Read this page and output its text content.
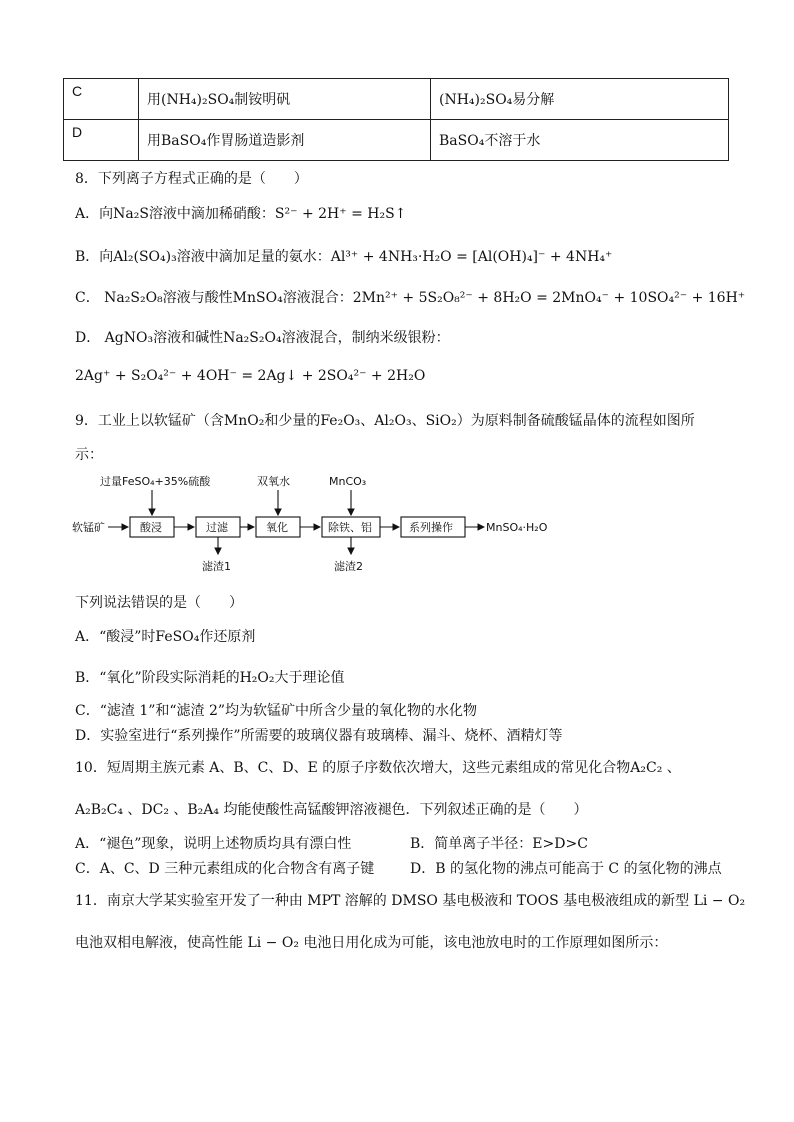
C	用(NH₄)₂SO₄制铵明矾	(NH₄)₂SO₄易分解
D	用BaSO₄作胃肠道造影剂	BaSO₄不溶于水
8．下列离子方程式正确的是（　　）
A．向Na₂S溶液中滴加稀硝酸：S²⁻ + 2H⁺ = H₂S↑
B．向Al₂(SO₄)₃溶液中滴加足量的氨水：Al³⁺ + 4NH₃·H₂O = [Al(OH)₄]⁻ + 4NH₄⁺
C． Na₂S₂O₈溶液与酸性MnSO₄溶液混合：2Mn²⁺ + 5S₂O₈²⁻ + 8H₂O = 2MnO₄⁻ + 10SO₄²⁻ + 16H⁺
D． AgNO₃溶液和碱性Na₂S₂O₄溶液混合，制纳米级银粉：
2Ag⁺ + S₂O₄²⁻ + 4OH⁻ = 2Ag↓ + 2SO₄²⁻ + 2H₂O
9．工业上以软锰矿（含MnO₂和少量的Fe₂O₃、Al₂O₃、SiO₂）为原料制备硫酸锰晶体的流程如图所
示：
软锰矿
过量FeSO₄+35%硫酸	双氧水	MnCO₃
酸浸	过滤	氧化	除铁、铝	系列操作	MnSO₄·H₂O
滤渣1	滤渣2
下列说法错误的是（　　）
A．“酸浸”时FeSO₄作还原剂
B．“氧化”阶段实际消耗的H₂O₂大于理论值
C．“滤渣 1”和“滤渣 2”均为软锰矿中所含少量的氧化物的水化物
D．实验室进行“系列操作”所需要的玻璃仪器有玻璃棒、漏斗、烧杯、酒精灯等
10．短周期主族元素 A、B、C、D、E 的原子序数依次增大，这些元素组成的常见化合物A₂C₂ 、
A₂B₂C₄ 、DC₂ 、B₂A₄ 均能使酸性高锰酸钾溶液褪色．下列叙述正确的是（　　）
A．“褪色”现象，说明上述物质均具有漂白性	B．简单离子半径：E>D>C
C．A、C、D 三种元素组成的化合物含有离子键	D．B 的氢化物的沸点可能高于 C 的氢化物的沸点
11．南京大学某实验室开发了一种由 MPT 溶解的 DMSO 基电极液和 TOOS 基电极液组成的新型 Li − O₂
电池双相电解液，使高性能 Li − O₂ 电池日用化成为可能，该电池放电时的工作原理如图所示：
